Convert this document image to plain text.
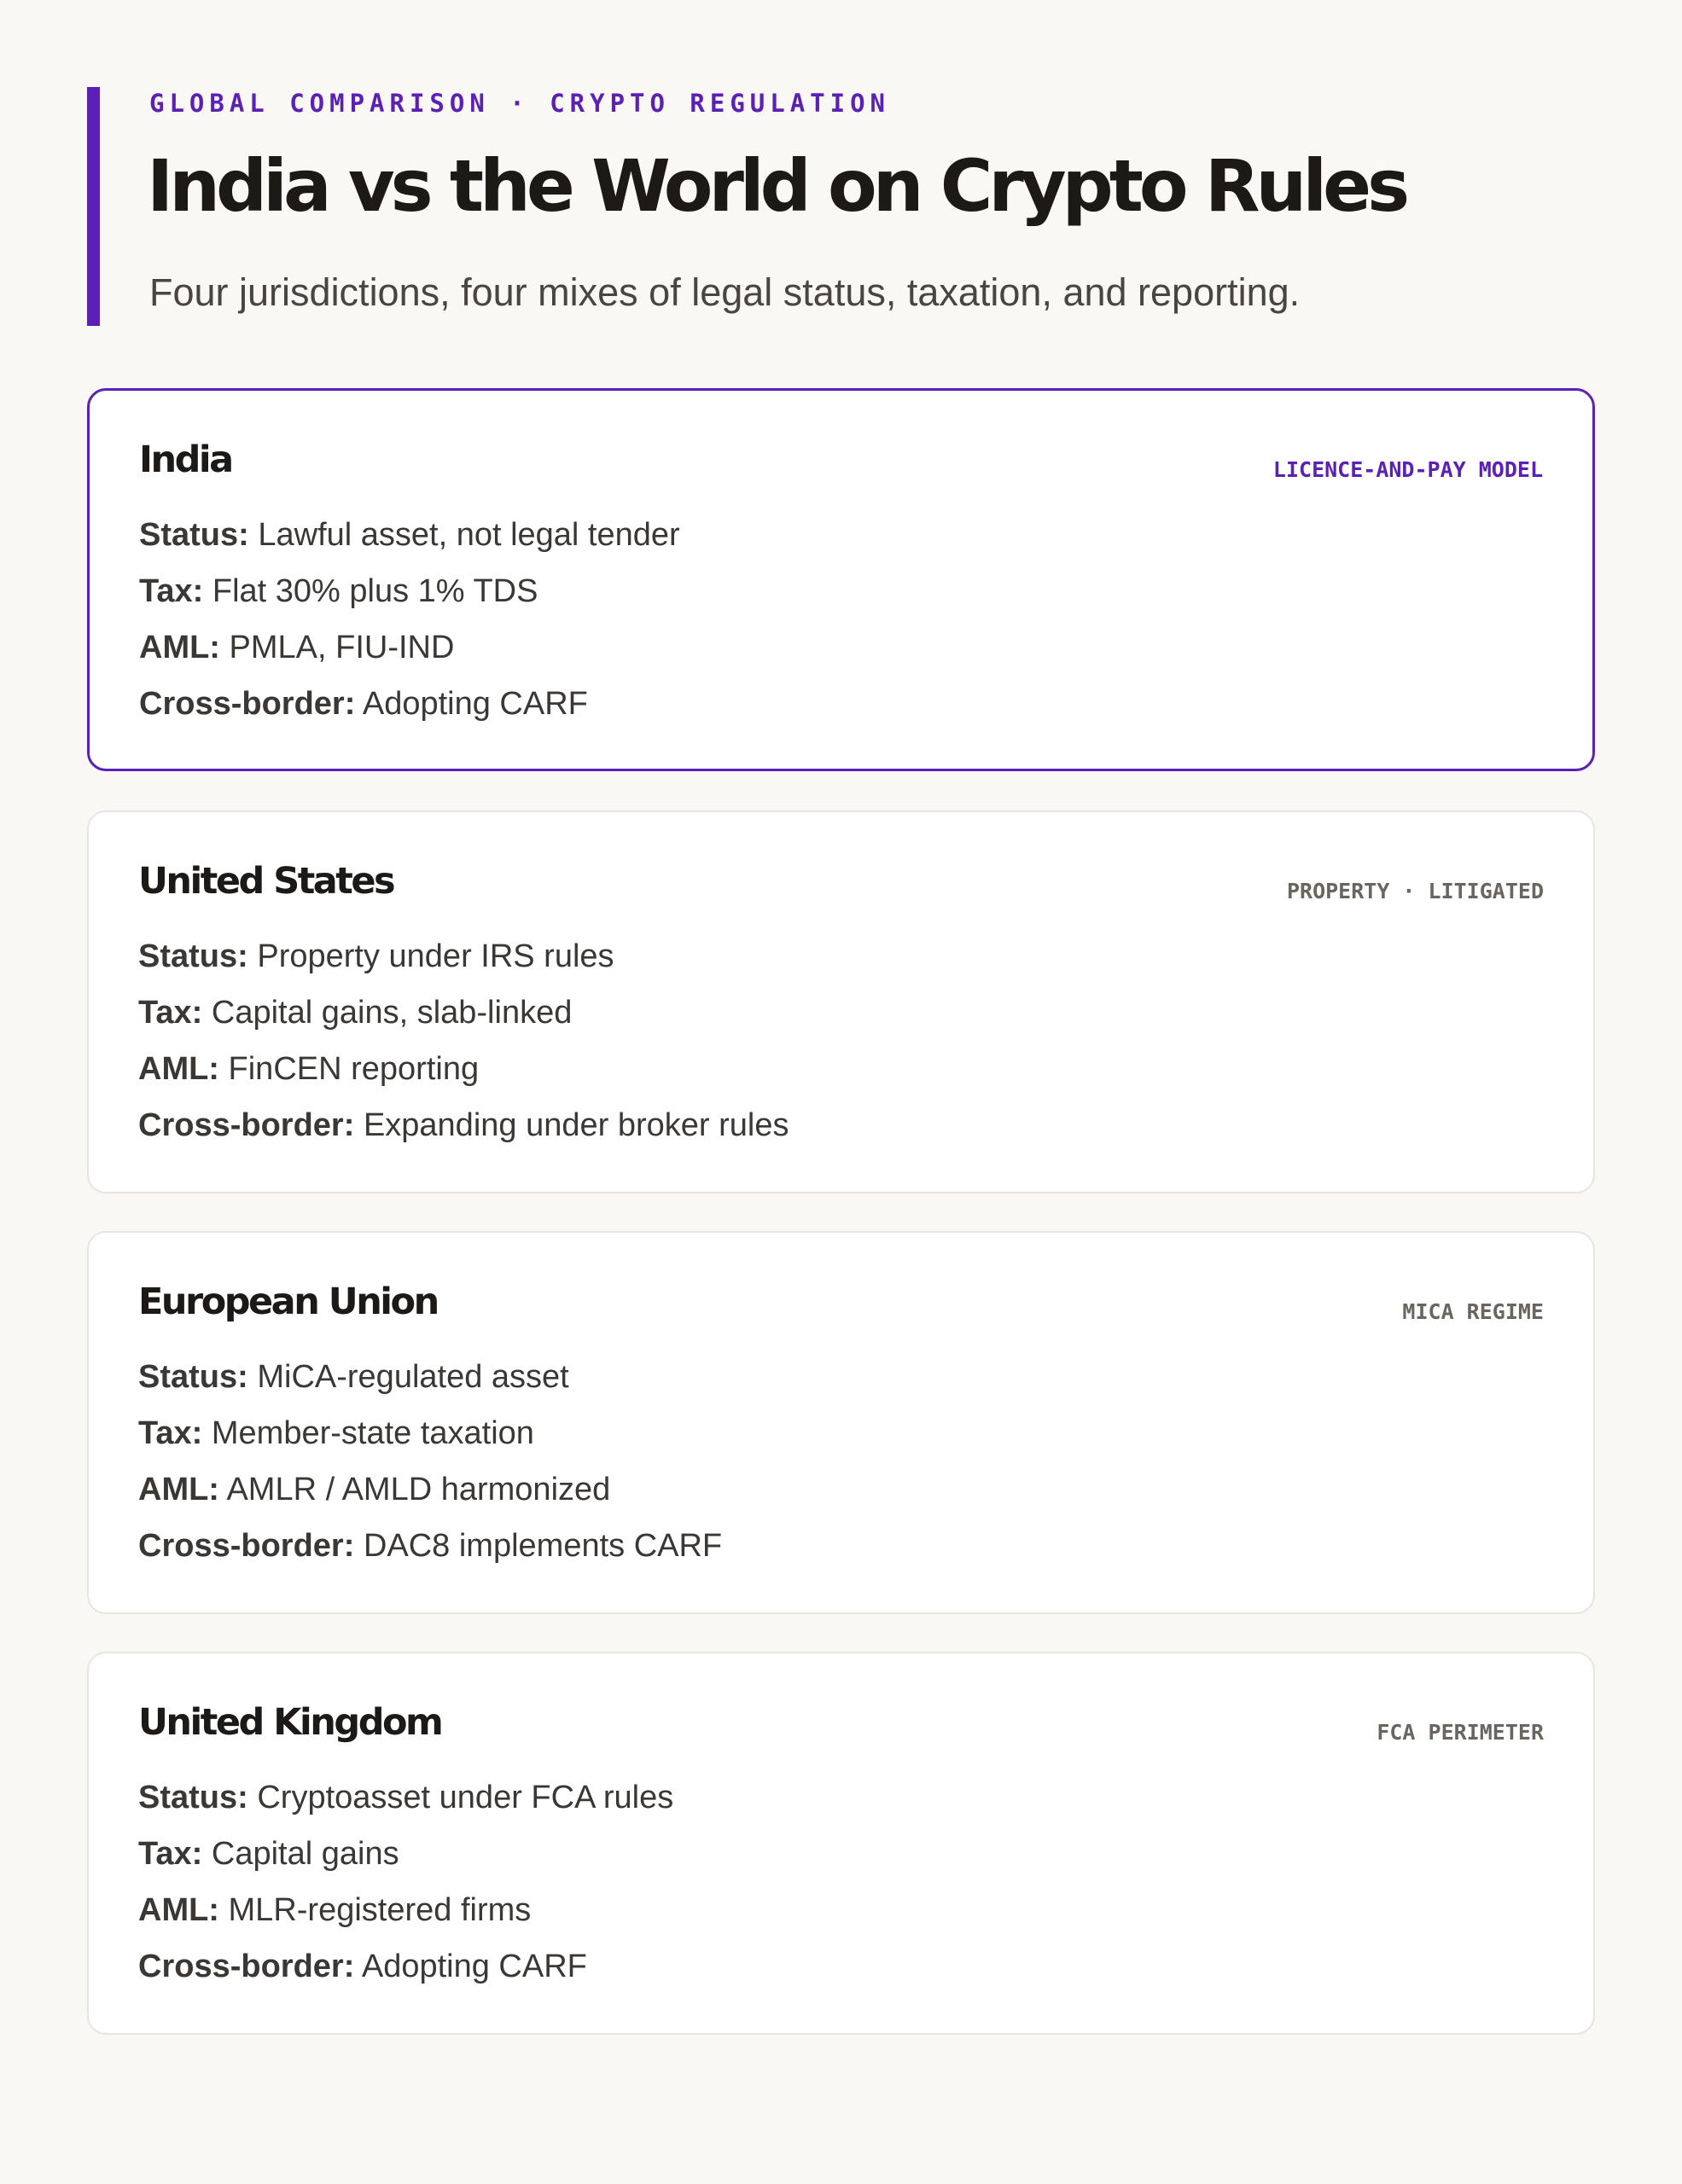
GLOBAL COMPARISON · CRYPTO REGULATION
India vs the World on Crypto Rules

Four jurisdictions, four mixes of legal status, taxation, and reporting.

India	LICENCE-AND-PAY MODEL
Status: Lawful asset, not legal tender
Tax: Flat 30% plus 1% TDS
AML: PMLA, FIU-IND
Cross-border: Adopting CARF
United States	PROPERTY · LITIGATED
Status: Property under IRS rules
Tax: Capital gains, slab-linked
AML: FinCEN reporting
Cross-border: Expanding under broker rules
European Union	MICA REGIME
Status: MiCA-regulated asset
Tax: Member-state taxation
AML: AMLR / AMLD harmonized
Cross-border: DAC8 implements CARF
United Kingdom	FCA PERIMETER
Status: Cryptoasset under FCA rules
Tax: Capital gains
AML: MLR-registered firms
Cross-border: Adopting CARF
